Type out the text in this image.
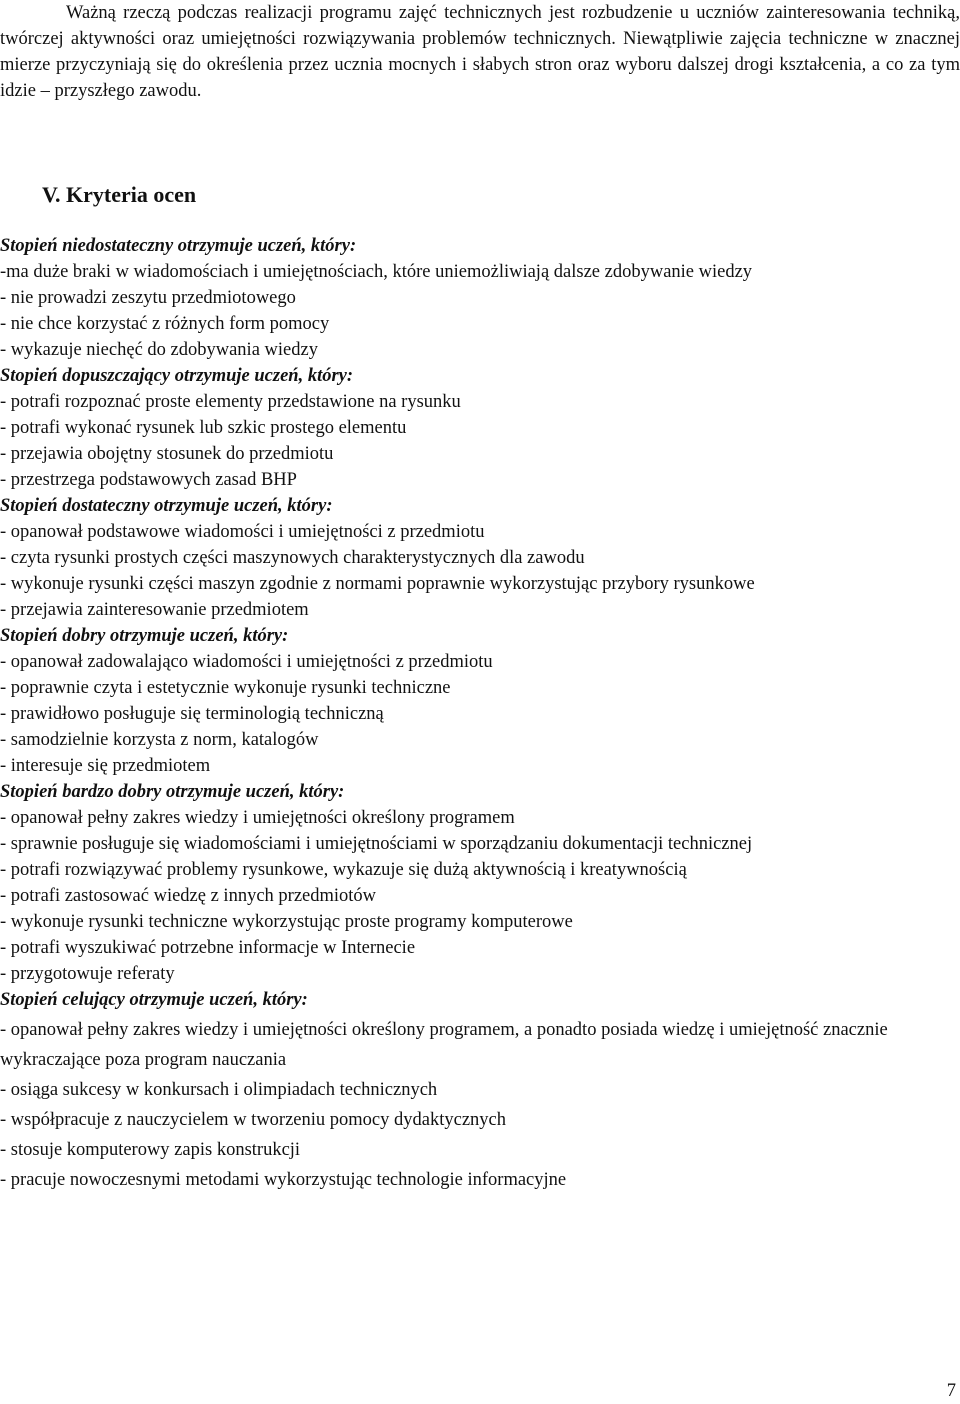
Ważną rzeczą podczas realizacji programu zajęć technicznych jest rozbudzenie u uczniów zainteresowania techniką, twórczej aktywności oraz umiejętności rozwiązywania problemów technicznych. Niewątpliwie zajęcia techniczne w znacznej mierze przyczyniają się do określenia przez ucznia mocnych i słabych stron oraz wyboru dalszej drogi kształcenia, a co za tym idzie – przyszłego zawodu.

V. Kryteria ocen

Stopień niedostateczny otrzymuje uczeń, który:

-ma duże braki w wiadomościach i umiejętnościach, które uniemożliwiają dalsze zdobywanie wiedzy

- nie prowadzi zeszytu przedmiotowego

- nie chce korzystać z różnych form pomocy

- wykazuje niechęć do zdobywania wiedzy

Stopień dopuszczający otrzymuje uczeń, który:

- potrafi rozpoznać proste elementy przedstawione na rysunku

- potrafi wykonać rysunek lub szkic prostego elementu

- przejawia obojętny stosunek do przedmiotu

- przestrzega podstawowych zasad BHP

Stopień dostateczny otrzymuje uczeń, który:

- opanował podstawowe wiadomości i umiejętności z przedmiotu

- czyta rysunki prostych części maszynowych charakterystycznych dla zawodu

- wykonuje rysunki części maszyn zgodnie z normami poprawnie wykorzystując przybory rysunkowe

- przejawia zainteresowanie przedmiotem

Stopień dobry otrzymuje uczeń, który:

- opanował zadowalająco wiadomości i umiejętności z przedmiotu

- poprawnie czyta i estetycznie wykonuje rysunki techniczne

- prawidłowo posługuje się terminologią techniczną

- samodzielnie korzysta z norm, katalogów

- interesuje się przedmiotem

Stopień bardzo dobry otrzymuje uczeń, który:

- opanował pełny zakres wiedzy i umiejętności określony programem

- sprawnie posługuje się wiadomościami i umiejętnościami w sporządzaniu dokumentacji technicznej

- potrafi rozwiązywać problemy rysunkowe, wykazuje się dużą aktywnością i kreatywnością

- potrafi zastosować wiedzę z innych przedmiotów

- wykonuje rysunki techniczne wykorzystując proste programy komputerowe

- potrafi wyszukiwać potrzebne informacje w Internecie

- przygotowuje referaty

Stopień celujący otrzymuje uczeń, który:

- opanował pełny zakres wiedzy i umiejętności określony programem, a ponadto posiada wiedzę i umiejętność znacznie wykraczające poza program nauczania

- osiąga sukcesy w konkursach i olimpiadach technicznych

- współpracuje z nauczycielem w tworzeniu pomocy dydaktycznych

- stosuje komputerowy zapis konstrukcji

- pracuje nowoczesnymi metodami wykorzystując technologie informacyjne

7
